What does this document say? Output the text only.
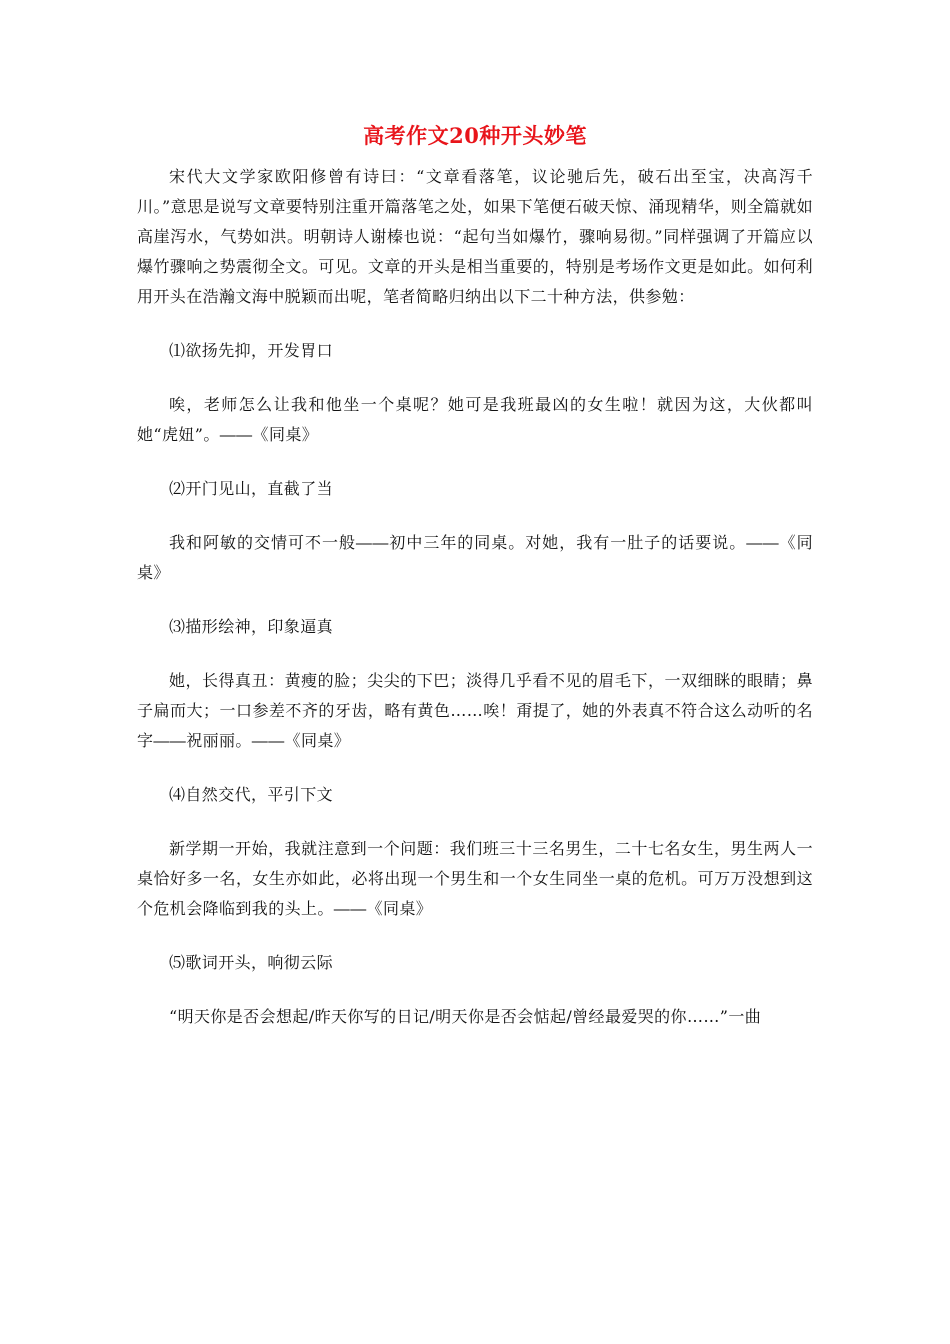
高考作文20种开头妙笔

宋代大文学家欧阳修曾有诗曰：“文章看落笔，议论驰后先，破石出至宝，决高泻千川。”意思是说写文章要特别注重开篇落笔之处，如果下笔便石破天惊、涌现精华，则全篇就如高崖泻水，气势如洪。明朝诗人谢榛也说：“起句当如爆竹，骤响易彻。”同样强调了开篇应以爆竹骤响之势震彻全文。可见。文章的开头是相当重要的，特别是考场作文更是如此。如何利用开头在浩瀚文海中脱颖而出呢，笔者简略归纳出以下二十种方法，供参勉：

⑴欲扬先抑，开发胃口

唉，老师怎么让我和他坐一个桌呢？她可是我班最凶的女生啦！就因为这，大伙都叫她“虎妞”。――《同桌》

⑵开门见山，直截了当

我和阿敏的交情可不一般――初中三年的同桌。对她，我有一肚子的话要说。――《同桌》

⑶描形绘神，印象逼真

她，长得真丑：黄瘦的脸；尖尖的下巴；淡得几乎看不见的眉毛下，一双细眯的眼睛；鼻子扁而大；一口参差不齐的牙齿，略有黄色……唉！甭提了，她的外表真不符合这么动听的名字――祝丽丽。――《同桌》

⑷自然交代，平引下文

新学期一开始，我就注意到一个问题：我们班三十三名男生，二十七名女生，男生两人一桌恰好多一名，女生亦如此，必将出现一个男生和一个女生同坐一桌的危机。可万万没想到这个危机会降临到我的头上。――《同桌》

⑸歌词开头，响彻云际

“明天你是否会想起/昨天你写的日记/明天你是否会惦起/曾经最爱哭的你……”一曲
